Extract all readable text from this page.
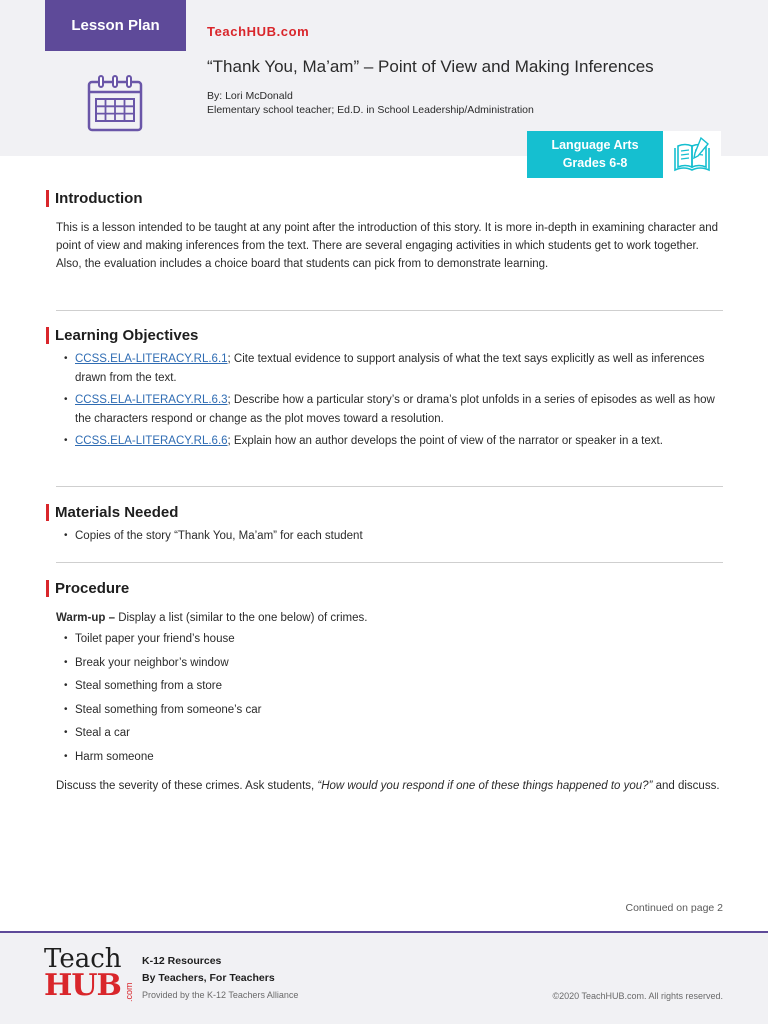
Lesson Plan	TeachHUB.com
“Thank You, Ma’am” – Point of View and Making Inferences
By: Lori McDonald
Elementary school teacher; Ed.D. in School Leadership/Administration
Language Arts
Grades 6-8
Introduction

This is a lesson intended to be taught at any point after the introduction of this story. It is more in-depth in examining character and point of view and making inferences from the text. There are several engaging activities in which students get to work together. Also, the evaluation includes a choice board that students can pick from to demonstrate learning.

Learning Objectives
• CCSS.ELA-LITERACY.RL.6.1; Cite textual evidence to support analysis of what the text says explicitly as well as inferences drawn from the text.
• CCSS.ELA-LITERACY.RL.6.3; Describe how a particular story’s or drama’s plot unfolds in a series of episodes as well as how the characters respond or change as the plot moves toward a resolution.
• CCSS.ELA-LITERACY.RL.6.6; Explain how an author develops the point of view of the narrator or speaker in a text.
Materials Needed
• Copies of the story “Thank You, Ma’am” for each student
Procedure

Warm-up – Display a list (similar to the one below) of crimes.

• Toilet paper your friend’s house
• Break your neighbor’s window
• Steal something from a store
• Steal something from someone’s car
• Steal a car
• Harm someone

Discuss the severity of these crimes. Ask students, “How would you respond if one of these things happened to you?” and discuss.

Continued on page 2
Teach
HUB .com
K-12 Resources
By Teachers, For Teachers
Provided by the K-12 Teachers Alliance	©2020 TeachHUB.com. All rights reserved.
